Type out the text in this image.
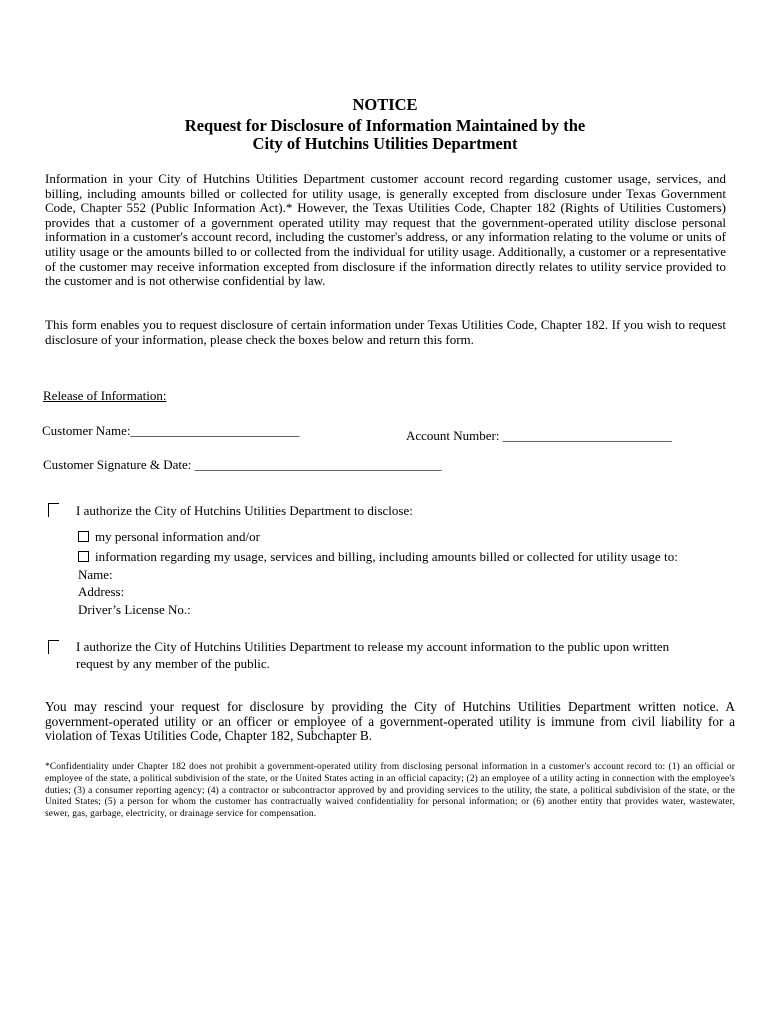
NOTICE

Request for Disclosure of Information Maintained by the

City of Hutchins Utilities Department

Information in your City of Hutchins Utilities Department customer account record regarding customer usage, services, and billing, including amounts billed or collected for utility usage, is generally excepted from disclosure under Texas Government Code, Chapter 552 (Public Information Act).* However, the Texas Utilities Code, Chapter 182 (Rights of Utilities Customers) provides that a customer of a government operated utility may request that the government-operated utility disclose personal information in a customer's account record, including the customer's address, or any information relating to the volume or units of utility usage or the amounts billed to or collected from the individual for utility usage. Additionally, a customer or a representative of the customer may receive information excepted from disclosure if the information directly relates to utility service provided to the customer and is not otherwise confidential by law.

This form enables you to request disclosure of certain information under Texas Utilities Code, Chapter 182. If you wish to request disclosure of your information, please check the boxes below and return this form.

Release of Information:

Customer Name:__________________________	Account Number: __________________________

Customer Signature & Date: ______________________________________

I authorize the City of Hutchins Utilities Department to disclose:

my personal information and/or

information regarding my usage, services and billing, including amounts billed or collected for utility usage to:

Name:

Address:

Driver’s License No.:

I authorize the City of Hutchins Utilities Department to release my account information to the public upon written

request by any member of the public.

You may rescind your request for disclosure by providing the City of Hutchins Utilities Department written notice. A government-operated utility or an officer or employee of a government-operated utility is immune from civil liability for a violation of Texas Utilities Code, Chapter 182, Subchapter B.

*Confidentiality under Chapter 182 does not prohibit a government-operated utility from disclosing personal information in a customer's account record to: (1) an official or employee of the state, a political subdivision of the state, or the United States acting in an official capacity; (2) an employee of a utility acting in connection with the employee's duties; (3) a consumer reporting agency; (4) a contractor or subcontractor approved by and providing services to the utility, the state, a political subdivision of the state, or the United States; (5) a person for whom the customer has contractually waived confidentiality for personal information; or (6) another entity that provides water, wastewater, sewer, gas, garbage, electricity, or drainage service for compensation.
